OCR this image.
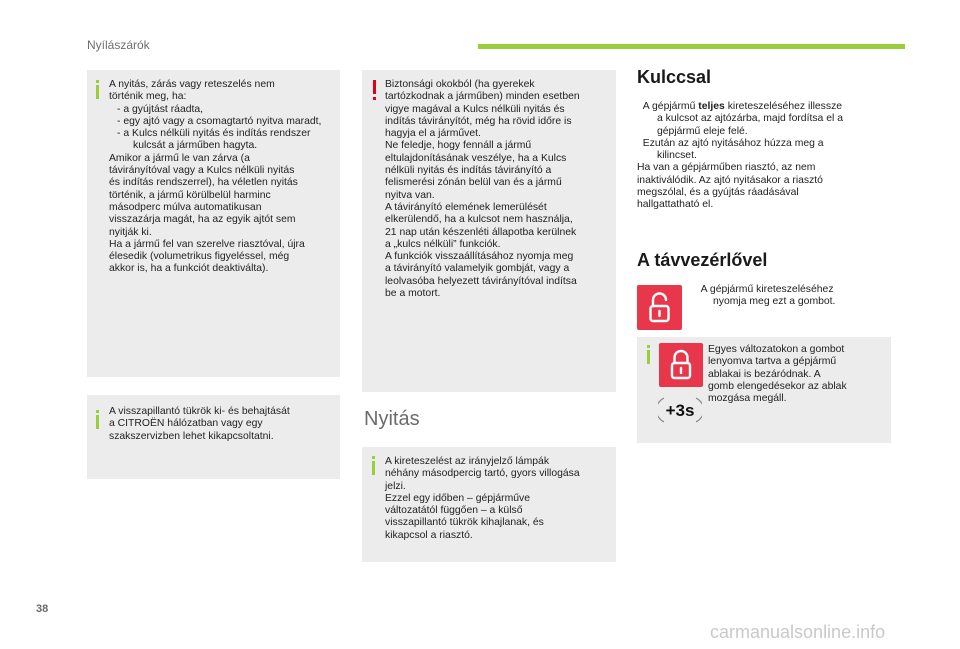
Nyílászárók

A nyitás, zárás vagy reteszelés nem

történik meg, ha:

- a gyújtást ráadta,

- egy ajtó vagy a csomagtartó nyitva maradt,

- a Kulcs nélküli nyitás és indítás rendszer kulcsát a járműben hagyta.

Amikor a jármű le van zárva (a

távirányítóval vagy a Kulcs nélküli nyitás

és indítás rendszerrel), ha véletlen nyitás

történik, a jármű körülbelül harminc

másodperc múlva automatikusan

visszazárja magát, ha az egyik ajtót sem

nyitják ki.

Ha a jármű fel van szerelve riasztóval, újra

élesedik (volumetrikus figyeléssel, még

akkor is, ha a funkciót deaktiválta).

A visszapillantó tükrök ki- és behajtását

a CITROËN hálózatban vagy egy

szakszervizben lehet kikapcsoltatni.

Biztonsági okokból (ha gyerekek

tartózkodnak a járműben) minden esetben

vigye magával a Kulcs nélküli nyitás és

indítás távirányítót, még ha rövid időre is

hagyja el a járművet.

Ne feledje, hogy fennáll a jármű

eltulajdonításának veszélye, ha a Kulcs

nélküli nyitás és indítás távirányító a

felismerési zónán belül van és a jármű

nyitva van.

A távirányító elemének lemerülését

elkerülendő, ha a kulcsot nem használja,

21 nap után készenléti állapotba kerülnek

a „kulcs nélküli” funkciók.

A funkciók visszaállításához nyomja meg

a távirányító valamelyik gombját, vagy a

leolvasóba helyezett távirányítóval indítsa

be a motort.

Nyitás

A kireteszelést az irányjelző lámpák

néhány másodpercig tartó, gyors villogása

jelzi.

Ezzel egy időben – gépjárműve

változatától függően – a külső

visszapillantó tükrök kihajlanak, és

kikapcsol a riasztó.

Kulccsal

A gépjármű teljes kireteszeléséhez illessze

a kulcsot az ajtózárba, majd fordítsa el a

gépjármű eleje felé.

Ezután az ajtó nyitásához húzza meg a

kilincset.

Ha van a gépjárműben riasztó, az nem

inaktiválódik. Az ajtó nyitásakor a riasztó

megszólal, és a gyújtás ráadásával

hallgattatható el.

A távvezérlővel

A gépjármű kireteszeléséhez

nyomja meg ezt a gombot.

+3s

Egyes változatokon a gombot

lenyomva tartva a gépjármű

ablakai is bezáródnak. A

gomb elengedésekor az ablak

mozgása megáll.

38
carmanualsonline.info
